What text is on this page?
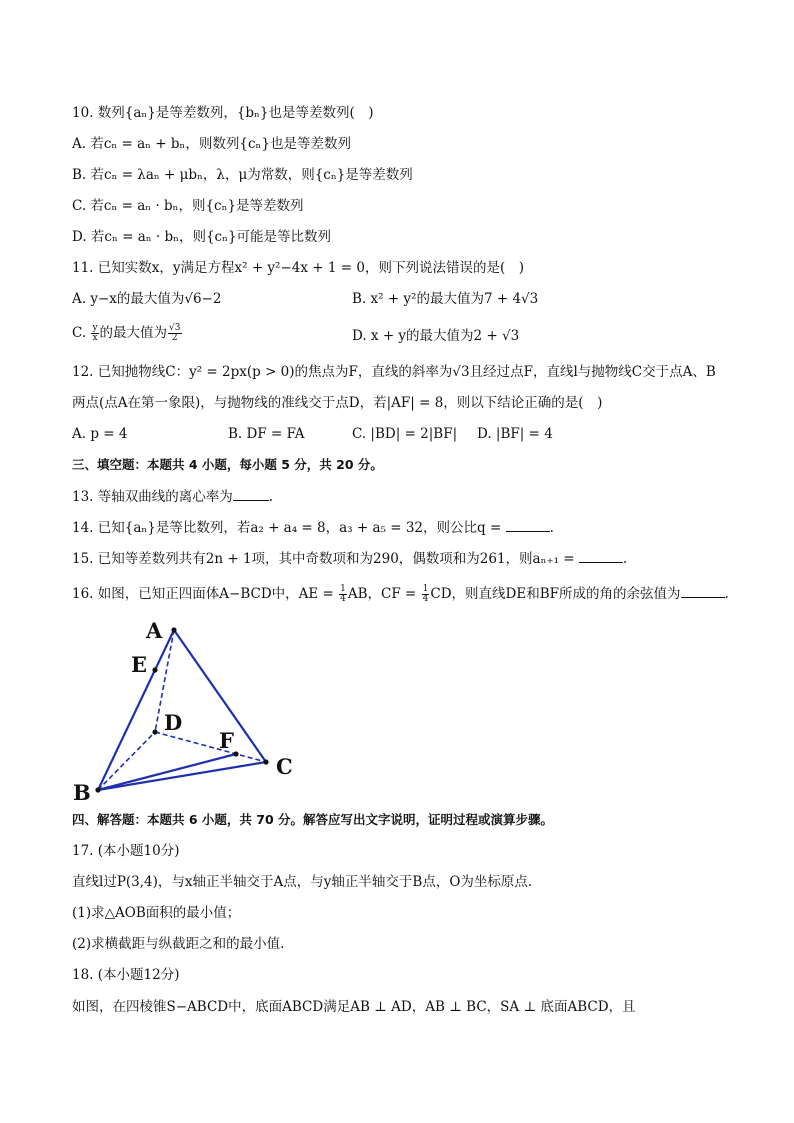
10. 数列{aₙ}是等差数列，{bₙ}也是等差数列(　)
A. 若cₙ = aₙ + bₙ，则数列{cₙ}也是等差数列
B. 若cₙ = λaₙ + μbₙ，λ，μ为常数，则{cₙ}是等差数列
C. 若cₙ = aₙ · bₙ，则{cₙ}是等差数列
D. 若cₙ = aₙ · bₙ，则{cₙ}可能是等比数列
11. 已知实数x，y满足方程x² + y²−4x + 1 = 0，则下列说法错误的是(　)
A. y−x的最大值为√6−2	B. x² + y²的最大值为7 + 4√3
C. $\frac{y}{x}$ 的最大值为 $\frac{√3}{2}$	D. x + y的最大值为2 + √3
12. 已知抛物线C：y² = 2px(p > 0)的焦点为F，直线的斜率为√3且经过点F，直线l与抛物线C交于点A、B
两点(点A在第一象限)，与抛物线的准线交于点D，若|AF| = 8，则以下结论正确的是(　)
A. p = 4	B. DF = FA	C. |BD| = 2|BF| D. |BF| = 4
三、填空题：本题共 4 小题，每小题 5 分，共 20 分。
13. 等轴双曲线的离心率为	.
14. 已知{aₙ}是等比数列，若a₂ + a₄ = 8，a₃ + a₅ = 32，则公比q =	.
15. 已知等差数列共有2n + 1项，其中奇数项和为290，偶数项和为261，则aₙ₊₁ =	.
16. 如图，已知正四面体A−BCD中，AE = $\frac{1}{4}$ AB，CF = $\frac{1}{4}$ CD，则直线DE和BF所成的角的余弦值为	.
A
E
D
F
C
B
四、解答题：本题共 6 小题，共 70 分。解答应写出文字说明，证明过程或演算步骤。
17. (本小题10分)
直线l过P(3,4)，与x轴正半轴交于A点，与y轴正半轴交于B点，O为坐标原点.
(1)求△AOB面积的最小值；
(2)求横截距与纵截距之和的最小值.
18. (本小题12分)
如图，在四棱锥S−ABCD中，底面ABCD满足AB ⊥ AD，AB ⊥ BC，SA ⊥ 底面ABCD，且
